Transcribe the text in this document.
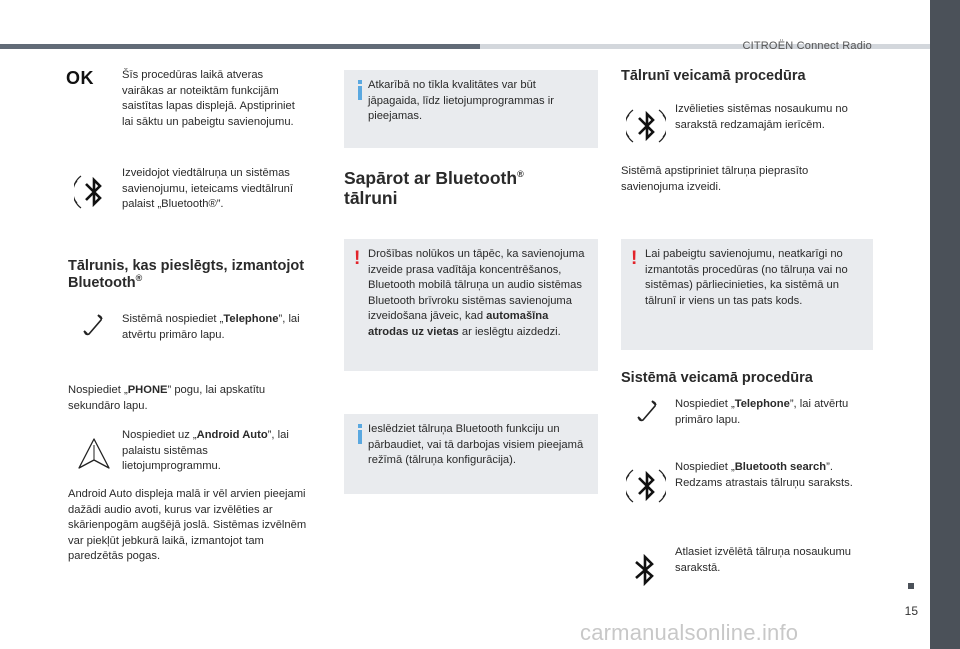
CITROËN Connect Radio
15
OK	Šīs procedūras laikā atveras vairākas ar noteiktām funkcijām saistītas lapas displejā. Apstipriniet lai sāktu un pabeigtu savienojumu.
Izveidojot viedtālruņa un sistēmas savienojumu, ieteicams viedtālrunī palaist „Bluetooth®”.
Tālrunis, kas pieslēgts, izmantojot Bluetooth®
Sistēmā nospiediet „Telephone”, lai atvērtu primāro lapu.
Nospiediet „PHONE” pogu, lai apskatītu sekundāro lapu.
Nospiediet uz „Android Auto”, lai palaistu sistēmas lietojumprogrammu.
Android Auto displeja malā ir vēl arvien pieejami dažādi audio avoti, kurus var izvēlēties ar skārienpogām augšējā joslā. Sistēmas izvēlnēm var piekļūt jebkurā laikā, izmantojot tam paredzētās pogas.
Atkarībā no tīkla kvalitātes var būt jāpagaida, līdz lietojumprogrammas ir pieejamas.
Sapārot ar Bluetooth®
tālruni
! Drošības nolūkos un tāpēc, ka savienojuma izveide prasa vadītāja koncentrēšanos, Bluetooth mobilā tālruņa un audio sistēmas Bluetooth brīvroku sistēmas savienojuma izveidošana jāveic, kad automašīna atrodas uz vietas ar ieslēgtu aizdedzi.
Ieslēdziet tālruņa Bluetooth funkciju un pārbaudiet, vai tā darbojas visiem pieejamā režīmā (tālruņa konfigurācija).
Tālrunī veicamā procedūra
Izvēlieties sistēmas nosaukumu no sarakstā redzamajām ierīcēm.
Sistēmā apstipriniet tālruņa pieprasīto savienojuma izveidi.
! Lai pabeigtu savienojumu, neatkarīgi no izmantotās procedūras (no tālruņa vai no sistēmas) pārliecinieties, ka sistēmā un tālrunī ir viens un tas pats kods.
Sistēmā veicamā procedūra
Nospiediet „Telephone”, lai atvērtu primāro lapu.
Nospiediet „Bluetooth search”. Redzams atrastais tālruņu saraksts.
Atlasiet izvēlētā tālruņa nosaukumu sarakstā.
carmanualsonline.info
